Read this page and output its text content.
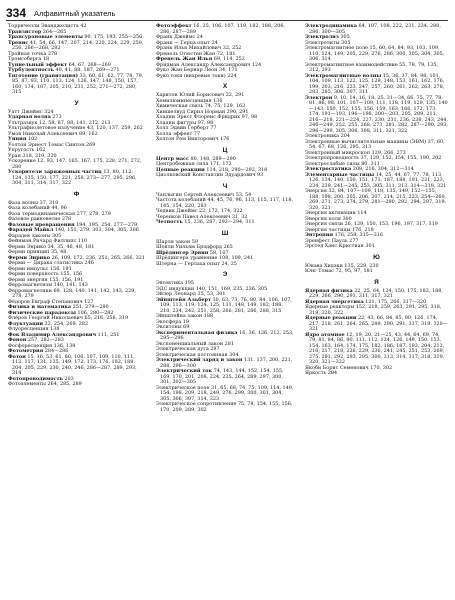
334 Алфавитный указатель

Торричелли Эванджелиста 42

Транзистор 264—265

Трансурановые элементы 90, 175, 193, 255—256

Тренис 41, 54, 66, 147, 207, 214, 220, 224, 229, 259, 256, 266—268, 282

Тройная точка 278

Тромсоберга 18

Туннельный эффект 64, 67, 268—269

Турбулентность 40, 41, 88, 187, 269—271

Тяготение (гравитация) 33, 60, 61, 62, 77, 78, 79, 85, 87, 93, 110, 113, 124, 126, 147, 148, 150, 157, 160, 174, 187, 205, 210, 231, 252, 271—272, 280, 315

У

Уатт Джеймс 324

Ударная волна 273

Ультразвук 12, 58, 87, 88, 141, 212, 213

Ультрафиолетовое излучение 43, 120, 137, 259, 262

Умов Николай Алексеевич 89, 162

Унция 102

Уолтон Эрнест Томас Синтон 269

Упругость 162

Уран 318, 319, 320

Ускорение 12, 93, 147, 165, 167, 175, 228, 271, 272, 280

Ускорители заряженных частиц 13, 80, 112, 124, 135, 150, 177, 221, 258, 273—277, 295, 296, 304, 311, 314, 317, 322

Ф

Фаза волны 37, 310

Фаза колебаний 44, 96

Фаза термодинамическая 277, 278, 279

Фазовое равновесие 278

Фазовые превращения 194, 195, 254, 277—279

Фарадей Майкл 140, 151, 279, 303, 304, 305, 306

Фарадея законы 305

Фейнман Ричард Филлипс 110

Ферми Энрико 34, 35, 46, 48, 181

Ферми принцип 35, 48

Ферми Энрико 26, 109, 172, 236, 251, 265, 266, 321

Ферми — Дирака статистика 246

Ферми импульс 156, 191

Ферми поверхность 155, 156

Ферми энергия 155, 156, 191

Ферромагнетизм 140, 141, 143

Ферромагнетики 69, 128, 140, 141, 142, 143, 229, 278, 279

Фёдоров Евграф Степанович 127

Физика и математика 251, 279—280

Физические парадоксы 106, 280—282

Флёров Георгий Николаевич 65, 216, 256, 319

Флуктуации 32, 254, 269, 282

Флуоресценция 138

Фок Владимир Александрович 111, 251

Фонон 257, 282—283

Фосфоресценция 136, 138

Фотометрия 284—286

Фотон 15, 16, 53, 61, 80, 106, 107, 109, 110, 111, 112, 117, 131, 135, 149, 172, 173, 176, 182, 188, 204, 205, 229, 230, 240, 246, 286—287, 289, 293, 314

Фотопроводимость 203

Фотоэлементы 264, 285, 289

Фотоэффект 16, 25, 106, 107, 119, 182, 188, 206, 286, 287—289

Франк Джеймс 24

Франк — Герца опыт 24

Франк Илья Михайлович 32, 252

Френель Огюстен Жан 72, 181

Френель Жан Илья 69, 114, 252

Фридман Александр Александрович 124

Фуко Жан Бернар Леон 34, 171

Фуко токи (вихревые токи) 224

Х

Харитон Юлий Борисович 22, 291

Хемилюминесценция 136

Химическая связь 74, 75, 129, 163

Хиншелвуд Сирил Норман 290, 291

Хладни Эрнст Флоренс Фридрих 97, 98

Хладни фигуры 97, 98

Холл Эдвин Герберт 77

Холла эффект 77

Холтон Рем Викторович 176

Ц

Центр масс 80, 148, 289—290

Центробежная сила 171, 172

Цепные реакции 114, 218, 290—292, 318

Циолковский Константин Эдуардович 93

Ч

Чаплыгин Сергей Алексеевич 53, 54

Частота колебаний 44, 45, 76, 96, 113, 115, 117, 118, 145, 154, 220, 283

Чедвик Джеймс 22, 172, 174, 322

Черенков Павел Алексеевич 31, 32

Четность 15, 236, 287, 292—294, 311

Ш

Шарля закон 59

Шокли Уильям Брэдфорд 265

Шрёдингер Эрвин 58, 107

Шрёдингера уравнение 108, 109, 241

Штерна — Герлаха опыт 24, 25

Э

Эвтектика 195

ЭДС индукции 140, 151, 169, 235, 236, 305

Эйлер Леонард 35, 53, 301

Эйнштейн Альберт 30, 63, 73, 76, 80, 84, 106, 107, 109, 113, 119, 124, 125, 131, 148, 149, 182, 188, 210, 234, 242, 251, 258, 266, 281, 286, 288, 315

Эйнштейна закон 188

Экосфера 19

Экситоны 69

Экспериментальная физика 16, 36, 126, 212, 253, 295—296

Экспоненциальный закон 281

Электрическая дуга 297

Электрическая постоянная 304

Электрический заряд и закон 131, 137, 200, 221, 288, 296—300

Электрический ток 74, 143, 144, 152, 154, 155, 169, 170, 201, 208, 224, 235, 264, 289, 297, 300, 301, 302—305

Электрическое поле 31, 65, 68, 74, 75, 109, 114, 149, 154, 198, 209, 218, 249, 276, 299, 300, 301, 304, 305, 306, 307, 314, 323

Электрическое сопротивление 75, 78, 154, 155, 156, 170, 209, 289, 302

Электродинамика 64, 107, 108, 222, 231, 234, 280, 286, 300—305

Электролиз 305

Электролиты 305

Электромагнитное поле 15, 60, 64, 84, 93, 103, 109, 110, 124, 149, 205, 229, 276, 286, 300, 305, 304, 305, 306, 314

Электромагнитное взаимодействие 55, 78, 79, 135, 212, 293

Электромагнитные волны 15, 36, 37, 84, 98, 101, 104, 109, 113, 122, 125, 129, 148, 153, 161, 162, 176, 199, 203, 216, 223, 247, 257, 260, 261, 262, 263, 278, 283, 285, 306, 307, 311

Электрон 9, 10, 14, 16, 18, 25, 31—34, 66, 75, 77, 78, 81, 86, 98, 101, 107—109, 111, 118, 119, 129, 135, 140—143, 150, 152, 155, 156, 159, 163, 166, 172, 173, 174, 191—193, 196—198, 200—203, 205, 209, 211, 216—218, 221—224, 227, 230, 231, 236, 238, 243, 244, 246—249, 252, 255, 268, 273, 281, 282, 287—290, 293, 296—299, 305, 306, 308, 311, 321, 322

Электроника 204

Электронные вычислительные машины (ЭВМ) 37, 60, 54, 67, 68, 126, 295, 313

Электронный микроскоп 129, 266, 273

Электропроводность 37, 129, 152, 154, 155, 190, 202

Электрослабые силы 80, 311

Электростатика 208, 216, 304, 312—314

Элементарные частицы 14, 25, 44, 67, 77, 78, 113, 126, 134, 140, 150, 151, 173, 187, 188, 191, 221, 223, 234, 239, 241—245, 253, 305, 311, 313, 314—318, 321

Энергия 32, 84, 107—109, 118, 135, 149, 152—155, 188, 198, 200, 205, 206, 207, 214, 215, 223, 254—260, 269, 271, 273, 274, 279, 281—290, 292, 294, 297, 319, 320, 321

Энергия активации 114

Энергия поля 300

Энергия связи 26, 129, 150, 153, 196, 197, 317, 319

Энергия частицы 176, 218

Энтропия 176, 258, 315—316

Эренфест Пауль 277

Эрстед Ханс Кристиан 301

Ю

Юкава Хидэки 135, 229, 230

Юнг Томас 72, 95, 97, 181

Я

Ядерная физика 22, 25, 64, 124, 150, 175, 182, 188, 229, 266, 290, 293, 311, 317, 321

Ядерная энергетика 121, 175, 266, 317—320

Ядерные реакторы 152, 218, 259, 263, 291, 295, 318, 319, 320, 322

Ядерные реакции 22, 43, 66, 84, 85, 90, 126, 174, 217, 218, 261, 264, 265, 289, 290, 291, 317, 319, 320—321

Ядро атомное 12, 19, 20, 21—25, 43, 44, 64, 69, 74, 79, 81, 84, 86, 90, 111, 112, 124, 126, 149, 150, 153, 154, 163, 164, 174, 175, 182, 186, 187, 192, 204, 212, 216, 217, 218, 226, 229, 236, 241, 245, 251, 253, 269, 275, 291, 292, 293, 295, 300, 313, 314, 317, 318, 319, 320, 321—322

Якоби Борис Семенович 170, 302

Яркость 284
